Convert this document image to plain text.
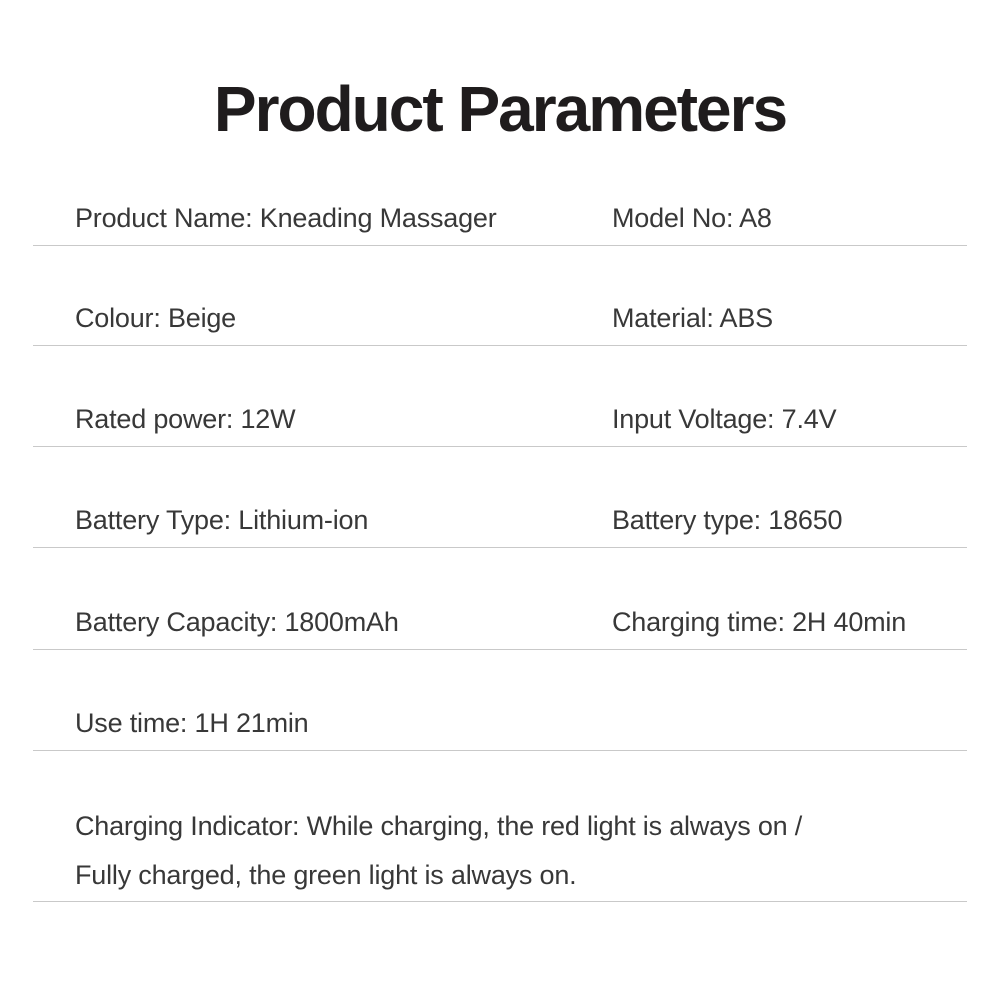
Product Parameters
Product Name: Kneading Massager	Model No: A8
Colour: Beige	Material: ABS
Rated power: 12W	Input Voltage: 7.4V
Battery Type: Lithium-ion	Battery type: 18650
Battery Capacity: 1800mAh	Charging time: 2H 40min
Use time: 1H 21min
Charging Indicator: While charging, the red light is always on /
Fully charged, the green light is always on.
